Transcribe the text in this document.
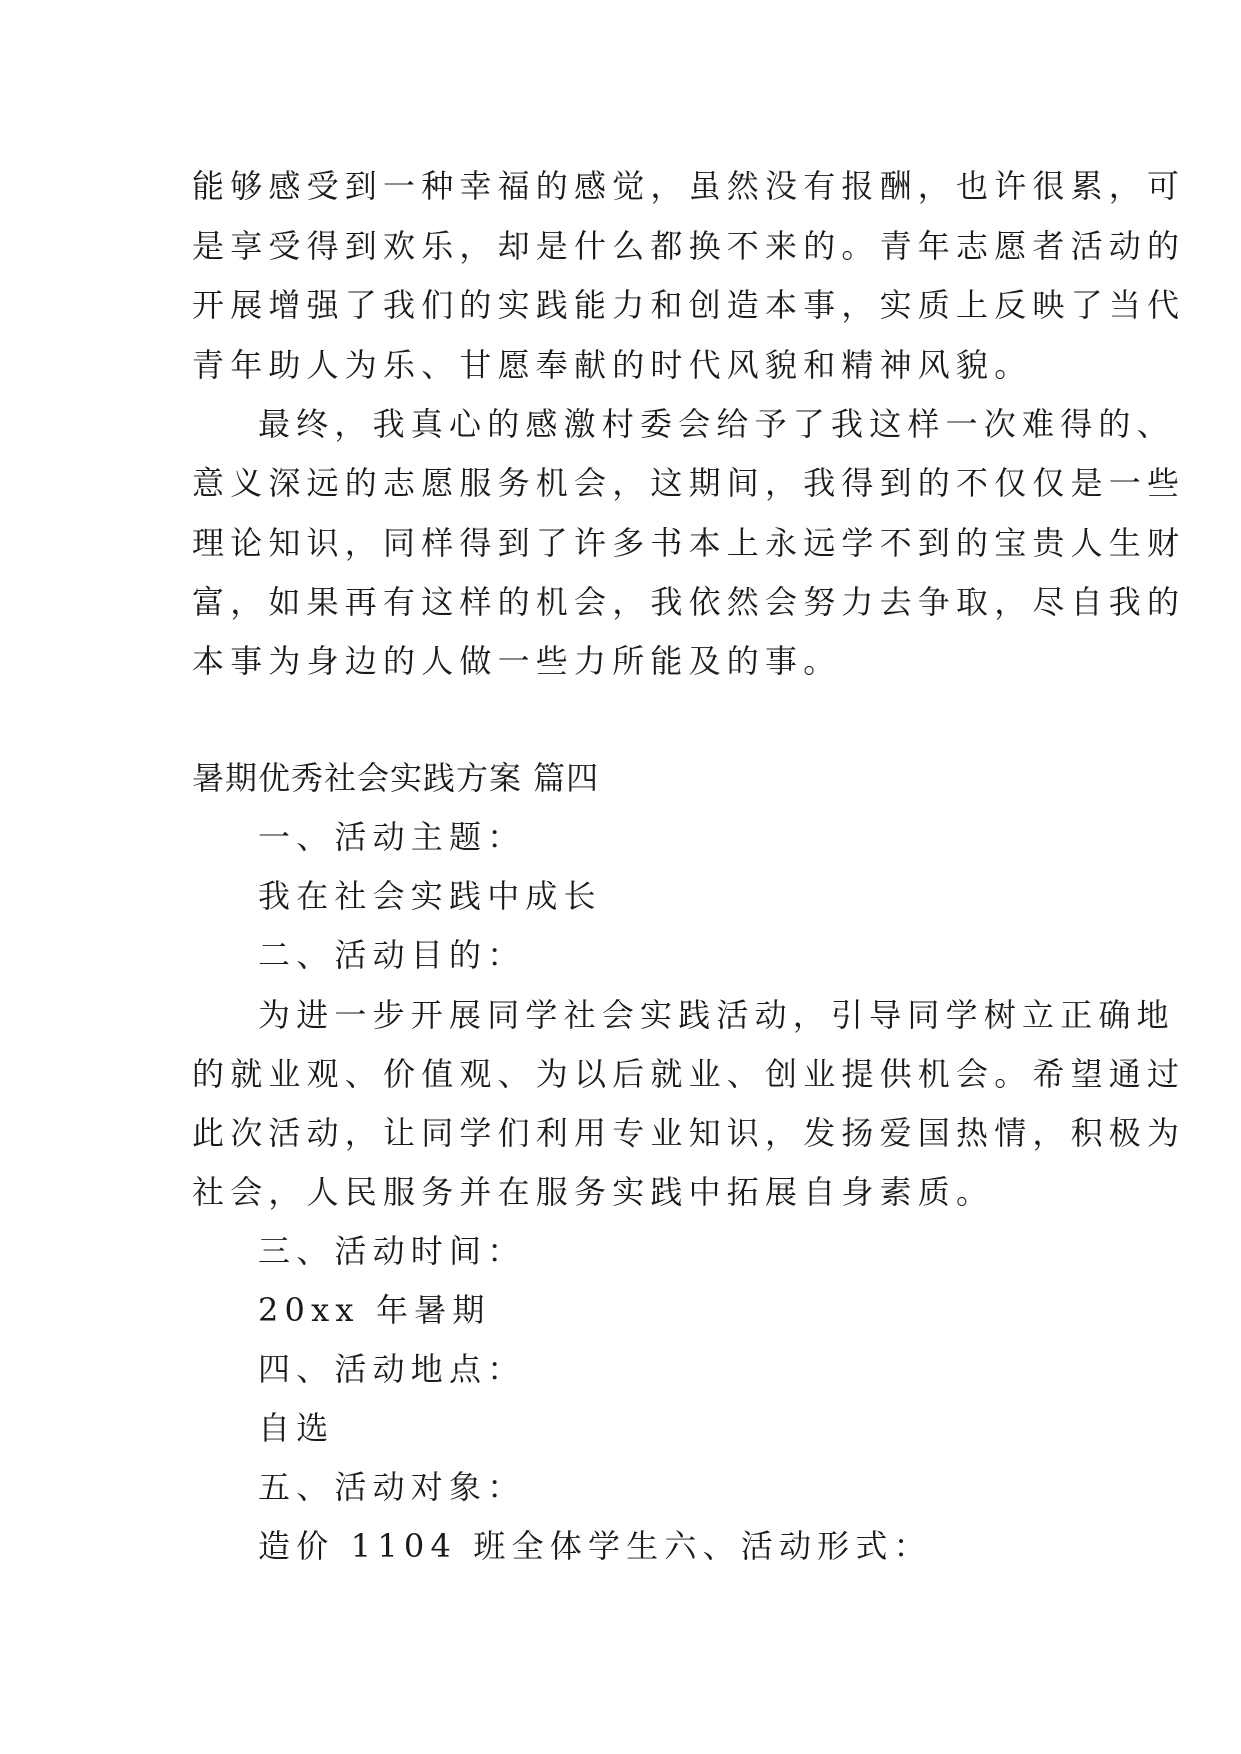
能够感受到一种幸福的感觉，虽然没有报酬，也许很累，可
是享受得到欢乐，却是什么都换不来的。青年志愿者活动的
开展增强了我们的实践能力和创造本事，实质上反映了当代
青年助人为乐、甘愿奉献的时代风貌和精神风貌。
最终，我真心的感激村委会给予了我这样一次难得的、
意义深远的志愿服务机会，这期间，我得到的不仅仅是一些
理论知识，同样得到了许多书本上永远学不到的宝贵人生财
富，如果再有这样的机会，我依然会努力去争取，尽自我的
本事为身边的人做一些力所能及的事。
暑期优秀社会实践方案 篇四
一、活动主题：
我在社会实践中成长
二、活动目的：
为进一步开展同学社会实践活动，引导同学树立正确地
的就业观、价值观、为以后就业、创业提供机会。希望通过
此次活动，让同学们利用专业知识，发扬爱国热情，积极为
社会，人民服务并在服务实践中拓展自身素质。
三、活动时间：
20xx 年暑期
四、活动地点：
自选
五、活动对象：
造价 1104 班全体学生六、活动形式：
